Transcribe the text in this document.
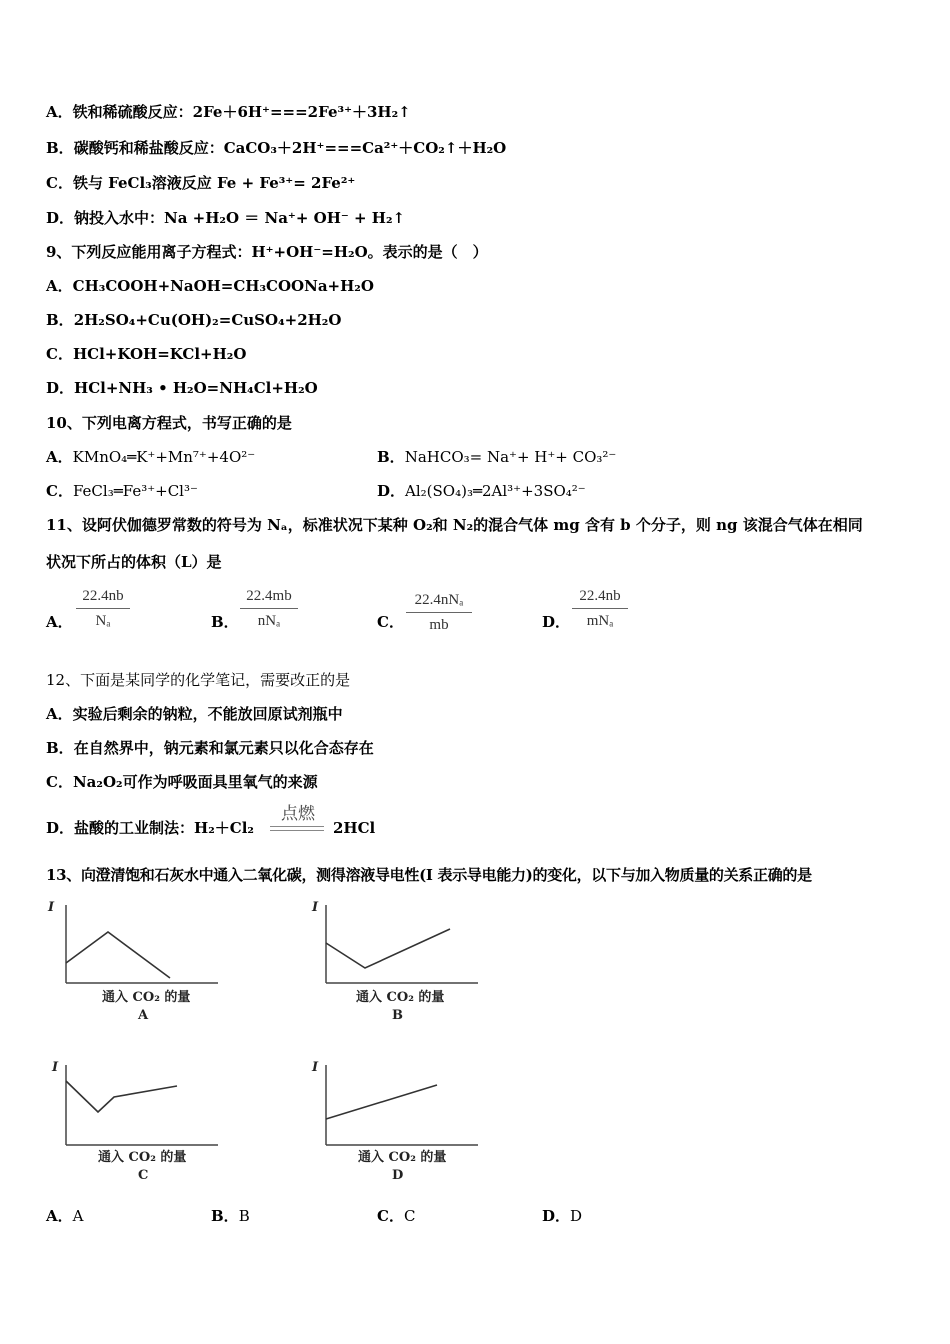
A．铁和稀硫酸反应：2Fe＋6H⁺===2Fe³⁺＋3H₂↑
B．碳酸钙和稀盐酸反应：CaCO₃＋2H⁺===Ca²⁺＋CO₂↑＋H₂O
C．铁与 FeCl₃溶液反应 Fe + Fe³⁺= 2Fe²⁺
D．钠投入水中：Na +H₂O ＝ Na⁺+ OH⁻ + H₂↑
9、下列反应能用离子方程式：H⁺+OH⁻=H₂O。表示的是（　）
A．CH₃COOH+NaOH=CH₃COONa+H₂O
B．2H₂SO₄+Cu(OH)₂=CuSO₄+2H₂O
C．HCl+KOH=KCl+H₂O
D．HCl+NH₃ • H₂O=NH₄Cl+H₂O
10、下列电离方程式，书写正确的是
A．KMnO₄═K⁺+Mn⁷⁺+4O²⁻	B．NaHCO₃= Na⁺+ H⁺+ CO₃²⁻
C．FeCl₃═Fe³⁺+Cl³⁻	D．Al₂(SO₄)₃═2Al³⁺+3SO₄²⁻
11、设阿伏伽德罗常数的符号为 Nₐ，标准状况下某种 O₂和 N₂的混合气体 mg 含有 b 个分子，则 ng 该混合气体在相同
状况下所占的体积（L）是
A．
22.4nb
Nₐ	B．
22.4mb
nNₐ	C．
22.4nNₐ
mb	D．
22.4nb
mNₐ
12、下面是某同学的化学笔记，需要改正的是
A．实验后剩余的钠粒，不能放回原试剂瓶中
B．在自然界中，钠元素和氯元素只以化合态存在
C．Na₂O₂可作为呼吸面具里氧气的来源
D．盐酸的工业制法：H₂＋Cl₂
点燃
2HCl
13、向澄清饱和石灰水中通入二氧化碳，测得溶液导电性(I 表示导电能力)的变化，以下与加入物质量的关系正确的是
I
通入 CO₂ 的量
A
I
通入 CO₂ 的量
B
I
通入 CO₂ 的量
C
I
通入 CO₂ 的量
D
A．A	B．B	C．C	D．D
